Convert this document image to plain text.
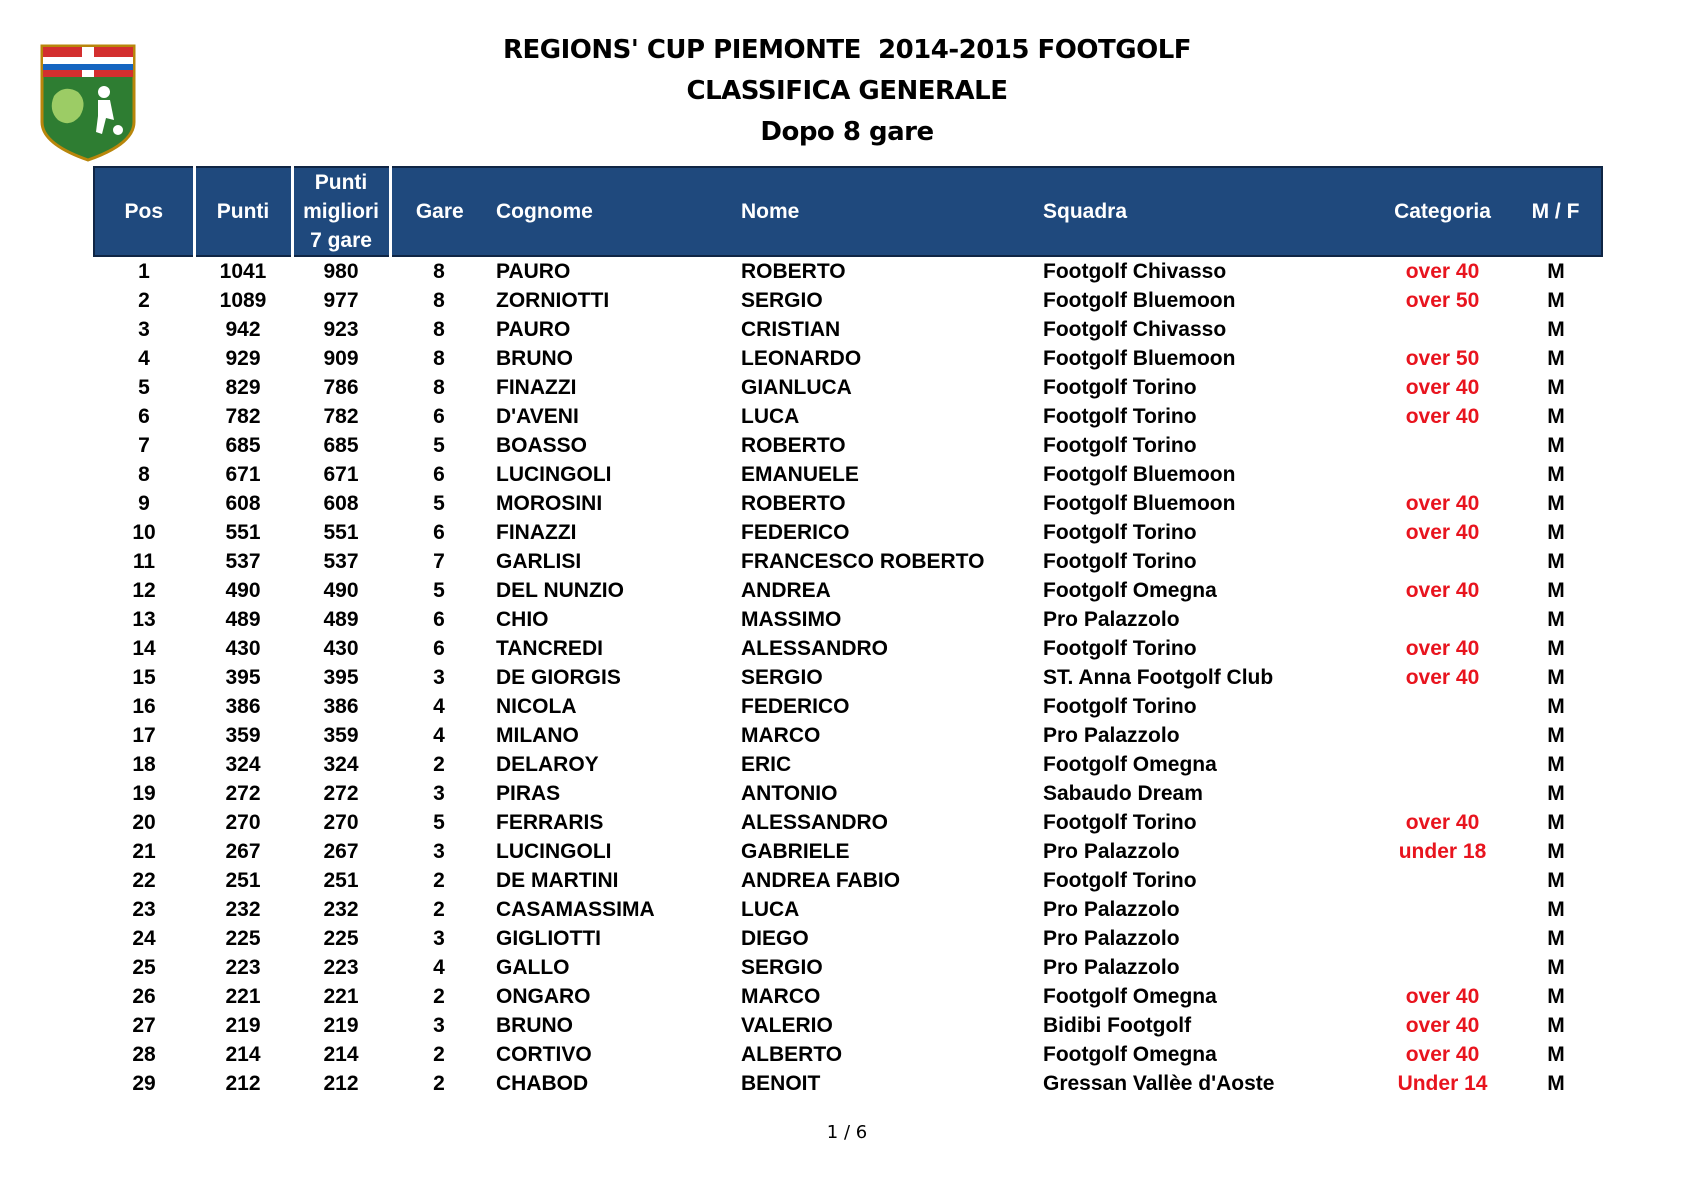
REGIONS' CUP PIEMONTE  2014-2015 FOOTGOLF
CLASSIFICA GENERALE
Dopo 8 gare
Pos	Punti	Punti
migliori
7 gare	Gare	Cognome	Nome	Squadra	Categoria	M / F
1	1041	980	8	PAURO	ROBERTO	Footgolf Chivasso	over 40	M
2	1089	977	8	ZORNIOTTI	SERGIO	Footgolf Bluemoon	over 50	M
3	942	923	8	PAURO	CRISTIAN	Footgolf Chivasso		M
4	929	909	8	BRUNO	LEONARDO	Footgolf Bluemoon	over 50	M
5	829	786	8	FINAZZI	GIANLUCA	Footgolf Torino	over 40	M
6	782	782	6	D'AVENI	LUCA	Footgolf Torino	over 40	M
7	685	685	5	BOASSO	ROBERTO	Footgolf Torino		M
8	671	671	6	LUCINGOLI	EMANUELE	Footgolf Bluemoon		M
9	608	608	5	MOROSINI	ROBERTO	Footgolf Bluemoon	over 40	M
10	551	551	6	FINAZZI	FEDERICO	Footgolf Torino	over 40	M
11	537	537	7	GARLISI	FRANCESCO ROBERTO	Footgolf Torino		M
12	490	490	5	DEL NUNZIO	ANDREA	Footgolf Omegna	over 40	M
13	489	489	6	CHIO	MASSIMO	Pro Palazzolo		M
14	430	430	6	TANCREDI	ALESSANDRO	Footgolf Torino	over 40	M
15	395	395	3	DE GIORGIS	SERGIO	ST. Anna Footgolf Club	over 40	M
16	386	386	4	NICOLA	FEDERICO	Footgolf Torino		M
17	359	359	4	MILANO	MARCO	Pro Palazzolo		M
18	324	324	2	DELAROY	ERIC	Footgolf Omegna		M
19	272	272	3	PIRAS	ANTONIO	Sabaudo Dream		M
20	270	270	5	FERRARIS	ALESSANDRO	Footgolf Torino	over 40	M
21	267	267	3	LUCINGOLI	GABRIELE	Pro Palazzolo	under 18	M
22	251	251	2	DE MARTINI	ANDREA FABIO	Footgolf Torino		M
23	232	232	2	CASAMASSIMA	LUCA	Pro Palazzolo		M
24	225	225	3	GIGLIOTTI	DIEGO	Pro Palazzolo		M
25	223	223	4	GALLO	SERGIO	Pro Palazzolo		M
26	221	221	2	ONGARO	MARCO	Footgolf Omegna	over 40	M
27	219	219	3	BRUNO	VALERIO	Bidibi Footgolf	over 40	M
28	214	214	2	CORTIVO	ALBERTO	Footgolf Omegna	over 40	M
29	212	212	2	CHABOD	BENOIT	Gressan Vallèe d'Aoste	Under 14	M
1 / 6
